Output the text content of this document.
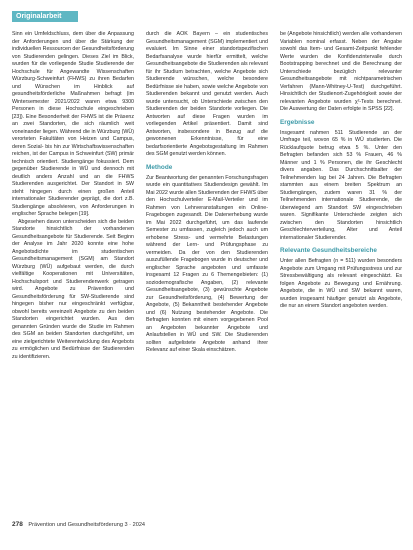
Originalarbeit

Sinn ein Umfeldschluss, dem über die Anpassung der Anforderungen und über die Stärkung der individuellen Ressourcen der Gesundheitsförderung von Studierenden gelingen. Dieses Ziel im Blick, wurden für die vorliegende Studie Studierende der Hochschule für Angewandte Wissenschaften Würzburg-Schweinfurt (FHWS) zu ihren Bedarfen und Wünschen im Hinblick auf gesundheitsförderliche Maßnahmen befragt (im Wintersemester 2021/2022 waren etwa 9300 Personen in diese Hochschule eingeschrieben [23]). Eine Besonderheit der FHWS ist die Präsenz an zwei Standorten, die sich räumlich weit voneinander liegen. Während die in Würzburg (WÜ) verorteten Fakultäten von Heizen und Campus, deren Sozial- bis hin zur Wirtschaftswissenschaften reichen, ist der Campus in Schweinfurt (SW) primär technisch orientiert. Studiengänge fokussiert. Dem gegenüber Studierende in WÜ und dennoch mit deutlich anders Anzahl und an die FHWS Studierenden ausgerichtet. Der Standort in SW steht hingegen durch einen großen Anteil internationaler Studierender geprägt, die dort z.B. Studiengänge absolvieren, von Anforderungen in englischer Sprache belegen [19].

Abgesehen davon unterscheiden sich die beiden Standorte hinsichtlich der vorhandenen Gesundheitsangebote für Studierende. Seit Beginn der Analyse im Jahr 2020 konnte eine hohe Angebotsdichte im studentischen Gesundheitsmanagement (SGM) am Standort Würzburg (WÜ) aufgebaut werden, die durch vielfältige Kooperationen mit Universitäten, Hochschulsport und Studierendenwerk getragen wird. Angebote zu Prävention und Gesundheitsförderung für SW-Studierende sind hingegen bisher nur eingeschränkt verfügbar, obwohl bereits vereinzelt Angebote zu den beiden Standorten eingerichtet wurden. Aus den genannten Gründen wurde die Studie im Rahmen des SGM an beiden Standorten durchgeführt, um eine zielgerichtete Weiterentwicklung des Angebots zu ermöglichen und Bedürfnisse der Studierenden zu identifizieren.

durch die AOK Bayern – ein studentisches Gesundheitsmanagement (SGM) implementiert und evaluiert. Im Sinne einer standortspezifischen Bedarfsanalyse wurde hierfür ermittelt, welche Gesundheitsangebote die Studierenden als relevant für ihr Studium betrachten, welche Angebote sich Studierende wünschen, welche besondere Bedürfnisse sie haben, sowie welche Angebote von Studierenden bekannt und genutzt werden. Auch wurde untersucht, ob Unterschiede zwischen den Studierenden der beiden Standorte vorliegen. Die Antworten auf diese Fragen wurden im vorliegenden Artikel präsentiert. Damit sind Antworten, insbesondere in Bezug auf die gewonnenen Erkenntnisse, für eine bedarfsorientierte Angebotsgestaltung im Rahmen des SGM genutzt werden können.

Methode

Zur Beantwortung der genannten Forschungsfragen wurde ein quantitatives Studiendesign gewählt. Im Mai 2022 wurde allen Studierenden der FHWS über den Hochschulverteiler E-Mail-Verteiler und im Rahmen von Lehrveranstaltungen ein Online-Fragebogen zugesandt. Die Datenerhebung wurde im Mai 2022 durchgeführt, um das laufende Semester zu umfassen, zugleich jedoch auch um erhobene Stress- und vermehrte Belastungen während der Lern- und Prüfungsphase zu vermeiden. Da der von den Studierenden auszufüllende Fragebogen wurde in deutscher und englischer Sprache angeboten und umfasste insgesamt 12 Fragen zu 6 Themengebieten: (1) soziodemografische Angaben, (2) relevante Gesundheitsangebote, (3) gewünschte Angebote zur Gesundheitsförderung, (4) Bewertung der Angebote, (5) Bekanntheit bestehender Angebote und (6) Nutzung bestehender Angebote. Die Befragten konnten mit einem vorgegebenen Pool an Angeboten bekannter Angebote und Anlaufstellen in WÜ und SW. Die Studierenden sollten aufgelistete Angebote anhand ihrer Relevanz auf einer Skala einschätzen.

be (Angebote hinsichtlich) werden alle vorhandenen Variablen nominal erfasst. Neben der Angabe sowohl das Item- und Gesamt-Zeitpunkt fehlender Werte wurden die Konfidenzintervalle durch Bootstrapping berechnet und die Berechnung der Unterschiede bezüglich relevanter Gesundheitsangebote mit nichtparametrischen Verfahren (Mann-Whitney-U-Test) durchgeführt. Hinsichtlich der Studienort-Zugehörigkeit sowie der relevanten Angebote wurden χ²-Tests berechnet. Die Auswertung der Daten erfolgte in SPSS [22].

Ergebnisse

Insgesamt nahmen 511 Studierende an der Umfrage teil, wovon 65 % in WÜ studierten. Die Rücklaufquote betrug etwa 5 %. Unter den Befragten befanden sich 53 % Frauen, 46 % Männer und 1 % Personen, die ihr Geschlecht divers angaben. Das Durchschnittsalter der Teilnehmenden lag bei 24 Jahren. Die Befragten stammten aus einem breiten Spektrum an Studiengängen, zudem waren 31 % der Teilnehmenden internationale Studierende, die überwiegend am Standort SW eingeschrieben waren. Signifikante Unterschiede zeigten sich zwischen den Standorten hinsichtlich Geschlechterverteilung, Alter und Anteil internationaler Studierender.

Relevante Gesundheitsbereiche

Unter allen Befragten (n = 511) wurden besonders Angebote zum Umgang mit Prüfungsstress und zur Stressbewältigung als relevant eingeschätzt. Es folgen Angebote zu Bewegung und Ernährung. Angebote, die in WÜ und SW bekannt waren, wurden insgesamt häufiger genutzt als Angebote, die nur an einem Standort angeboten werden.

278 Prävention und Gesundheitsförderung 3 · 2024
